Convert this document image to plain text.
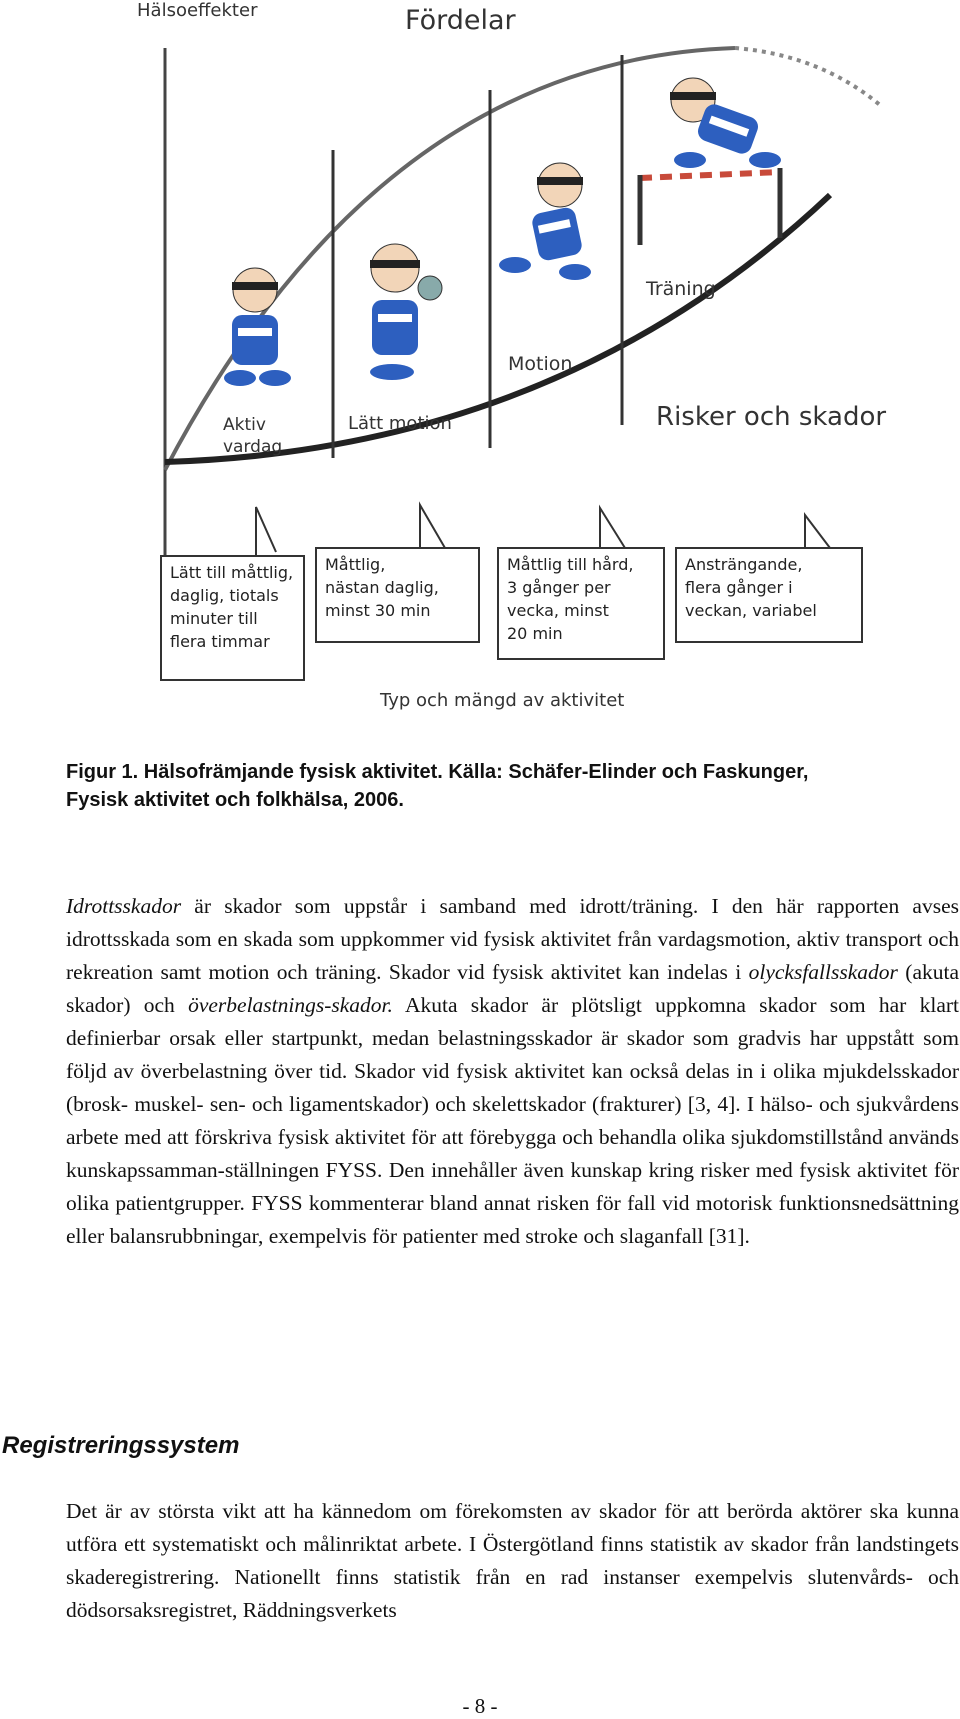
Hälsoeffekter	Fördelar
Aktiv vardag
Lätt motion
Motion
Träning
Risker och skador
Typ och mängd av aktivitet
Lätt till måttlig,
daglig, tiotals
minuter till
flera timmar
Måttlig,
nästan daglig,
minst 30 min
Måttlig till hård,
3 gånger per
vecka, minst
20 min
Ansträngande,
flera gånger i
veckan, variabel
Figur 1. Hälsofrämjande fysisk aktivitet. Källa: Schäfer-Elinder och Faskunger,
Fysisk aktivitet och folkhälsa, 2006.
Idrottsskador är skador som uppstår i samband med idrott/träning. I den här rapporten avses idrottsskada som en skada som uppkommer vid fysisk aktivitet från vardagsmotion, aktiv transport och rekreation samt motion och träning. Skador vid fysisk aktivitet kan indelas i olycksfallsskador (akuta skador) och överbelastnings-skador. Akuta skador är plötsligt uppkomna skador som har klart definierbar orsak eller startpunkt, medan belastningsskador är skador som gradvis har uppstått som följd av överbelastning över tid. Skador vid fysisk aktivitet kan också delas in i olika mjukdelsskador (brosk- muskel- sen- och ligamentskador) och skelettskador (frakturer) [3, 4]. I hälso- och sjukvårdens arbete med att förskriva fysisk aktivitet för att förebygga och behandla olika sjukdomstillstånd används kunskapssamman-ställningen FYSS. Den innehåller även kunskap kring risker med fysisk aktivitet för olika patientgrupper. FYSS kommenterar bland annat risken för fall vid motorisk funktionsnedsättning eller balansrubbningar, exempelvis för patienter med stroke och slaganfall [31].
Registreringssystem
Det är av största vikt att ha kännedom om förekomsten av skador för att berörda aktörer ska kunna utföra ett systematiskt och målinriktat arbete. I Östergötland finns statistik av skador från landstingets skaderegistrering. Nationellt finns statistik från en rad instanser exempelvis slutenvårds- och dödsorsaksregistret, Räddningsverkets
- 8 -
